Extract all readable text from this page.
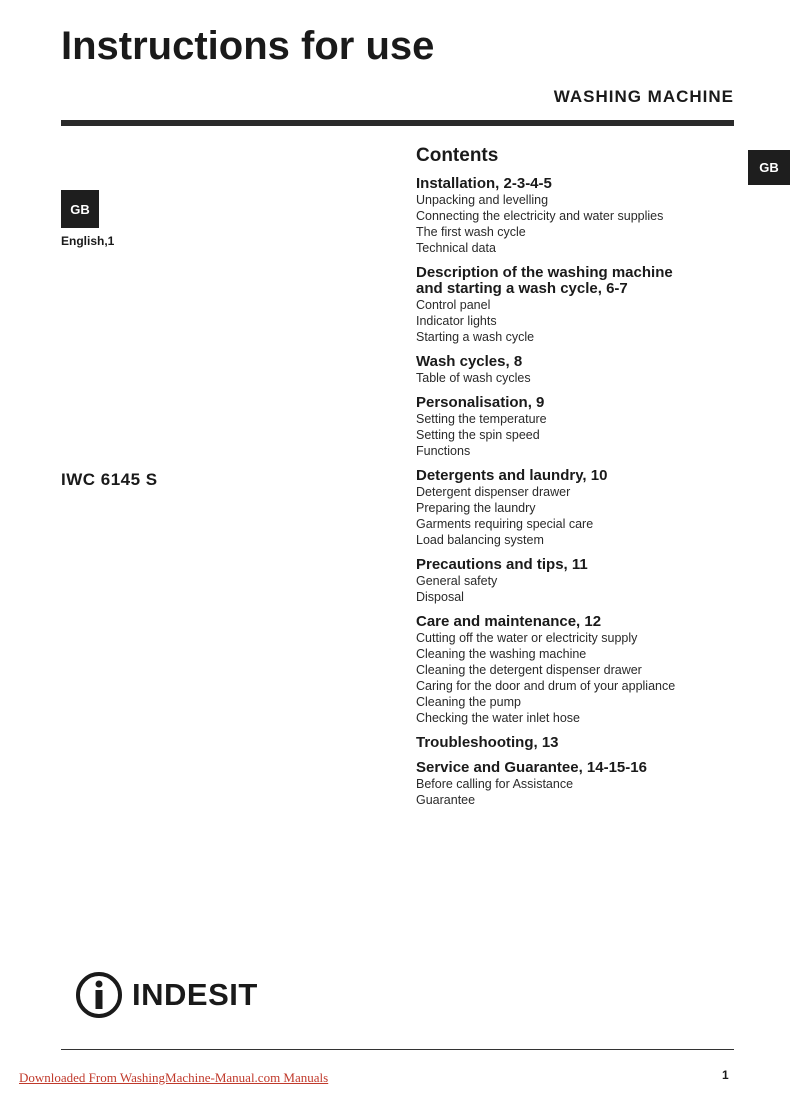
Instructions for use
WASHING MACHINE
GB
GB
English,1
IWC 6145 S
Contents
Installation, 2-3-4-5
Unpacking and levelling
Connecting the electricity and water supplies
The first wash cycle
Technical data
Description of the washing machine
and starting a wash cycle, 6-7
Control panel
Indicator lights
Starting a wash cycle
Wash cycles, 8
Table of wash cycles
Personalisation, 9
Setting the temperature
Setting the spin speed
Functions
Detergents and laundry, 10
Detergent dispenser drawer
Preparing the laundry
Garments requiring special care
Load balancing system
Precautions and tips, 11
General safety
Disposal
Care and maintenance, 12
Cutting off the water or electricity supply
Cleaning the washing machine
Cleaning the detergent dispenser drawer
Caring for the door and drum of your appliance
Cleaning the pump
Checking the water inlet hose
Troubleshooting, 13
Service and Guarantee, 14-15-16
Before calling for Assistance
Guarantee
INDESIT
Downloaded From WashingMachine-Manual.com Manuals	1
